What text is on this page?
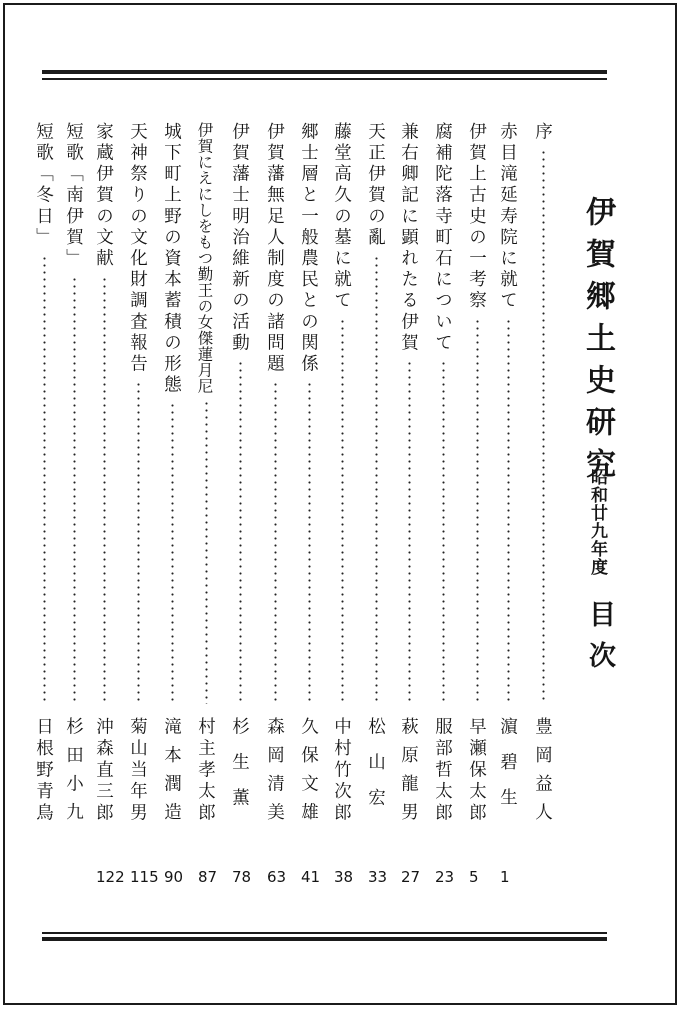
伊賀郷土史研究
昭和廿九年度
目次
序
豊岡益人
赤目滝延寿院に就て
濵碧生
1
伊賀上古史の一考察
早瀬保太郎
5
腐補陀落寺町石について
服部哲太郎
23
兼右卿記に顕れたる伊賀
萩原龍男
27
天正伊賀の亂
松山宏
33
藤堂高久の墓に就て
中村竹次郎
38
郷士層と一般農民との関係
久保文雄
41
伊賀藩無足人制度の諸問題
森岡清美
63
伊賀藩士明治維新の活動
杉生薫
78
伊賀にえにしをもつ勤王の女傑蓮月尼
村主孝太郎
87
城下町上野の資本蓄積の形態
滝本潤造
90
天神祭りの文化財調査報告
菊山当年男
115
家蔵伊賀の文献
沖森直三郎
122
短歌「南伊賀」
杉田小九
短歌「冬日」
日根野青鳥
